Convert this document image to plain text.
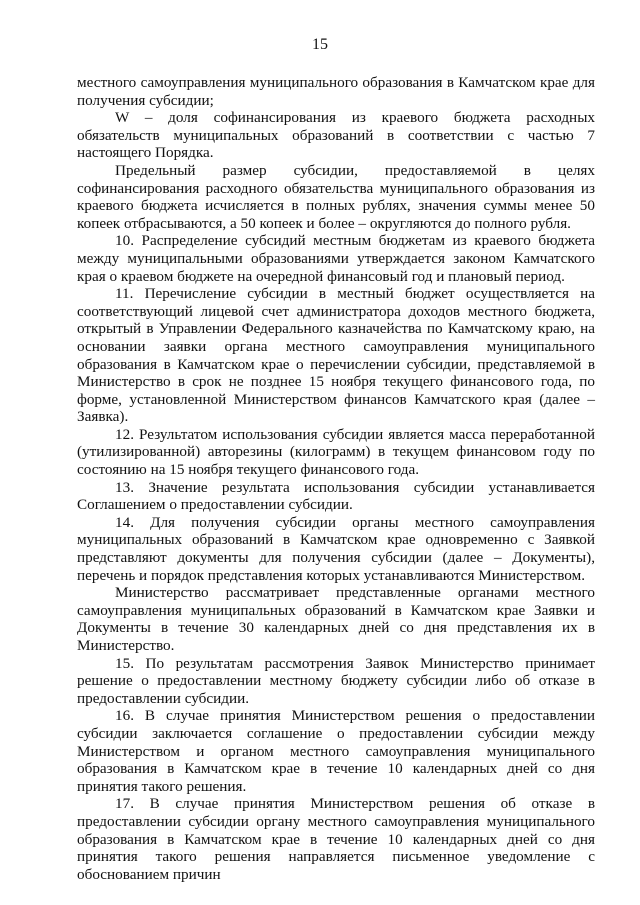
15

местного самоуправления муниципального образования в Камчатском крае для получения субсидии;

W – доля софинансирования из краевого бюджета расходных обязательств муниципальных образований в соответствии с частью 7 настоящего Порядка.

Предельный размер субсидии, предоставляемой в целях софинансирования расходного обязательства муниципального образования из краевого бюджета исчисляется в полных рублях, значения суммы менее 50 копеек отбрасываются, а 50 копеек и более – округляются до полного рубля.

10. Распределение субсидий местным бюджетам из краевого бюджета между муниципальными образованиями утверждается законом Камчатского края о краевом бюджете на очередной финансовый год и плановый период.

11. Перечисление субсидии в местный бюджет осуществляется на соответствующий лицевой счет администратора доходов местного бюджета, открытый в Управлении Федерального казначейства по Камчатскому краю, на основании заявки органа местного самоуправления муниципального образования в Камчатском крае о перечислении субсидии, представляемой в Министерство в срок не позднее 15 ноября текущего финансового года, по форме, установленной Министерством финансов Камчатского края (далее – Заявка).

12. Результатом использования субсидии является масса переработанной (утилизированной) авторезины (килограмм) в текущем финансовом году по состоянию на 15 ноября текущего финансового года.

13. Значение результата использования субсидии устанавливается Соглашением о предоставлении субсидии.

14. Для получения субсидии органы местного самоуправления муниципальных образований в Камчатском крае одновременно с Заявкой представляют документы для получения субсидии (далее – Документы), перечень и порядок представления которых устанавливаются Министерством.

Министерство рассматривает представленные органами местного самоуправления муниципальных образований в Камчатском крае Заявки и Документы в течение 30 календарных дней со дня представления их в Министерство.

15. По результатам рассмотрения Заявок Министерство принимает решение о предоставлении местному бюджету субсидии либо об отказе в предоставлении субсидии.

16. В случае принятия Министерством решения о предоставлении субсидии заключается соглашение о предоставлении субсидии между Министерством и органом местного самоуправления муниципального образования в Камчатском крае в течение 10 календарных дней со дня принятия такого решения.

17. В случае принятия Министерством решения об отказе в предоставлении субсидии органу местного самоуправления муниципального образования в Камчатском крае в течение 10 календарных дней со дня принятия такого решения направляется письменное уведомление с обоснованием причин
